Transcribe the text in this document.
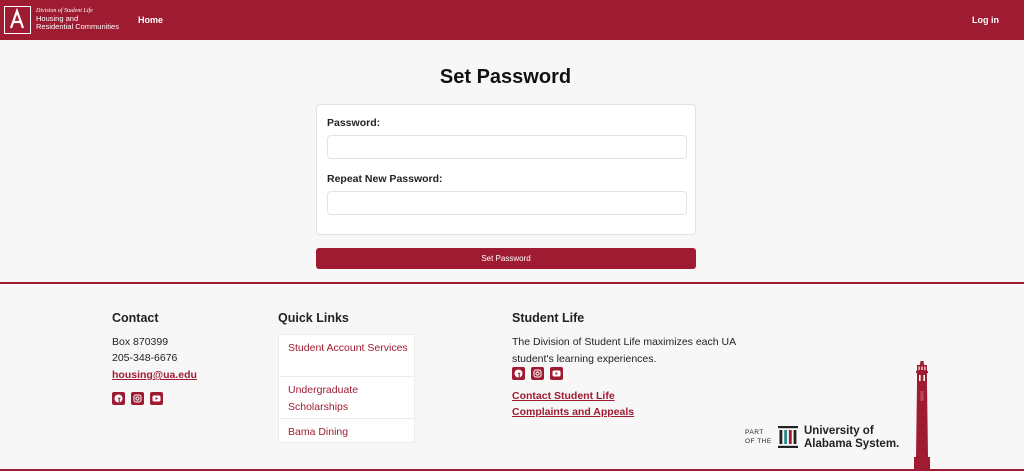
Division of Student Life
Housing and
Residential Communities
Home	Log in
Set Password
Password:
Repeat New Password:
Set Password
Contact
Box 870399
205-348-6676
housing@ua.edu
Quick Links
Student Account Services
Undergraduate Scholarships
Bama Dining
Student Life
The Division of Student Life maximizes each UA student's learning experiences.
Contact Student Life
Complaints and Appeals
PART
OF THE
University of
Alabama System.
